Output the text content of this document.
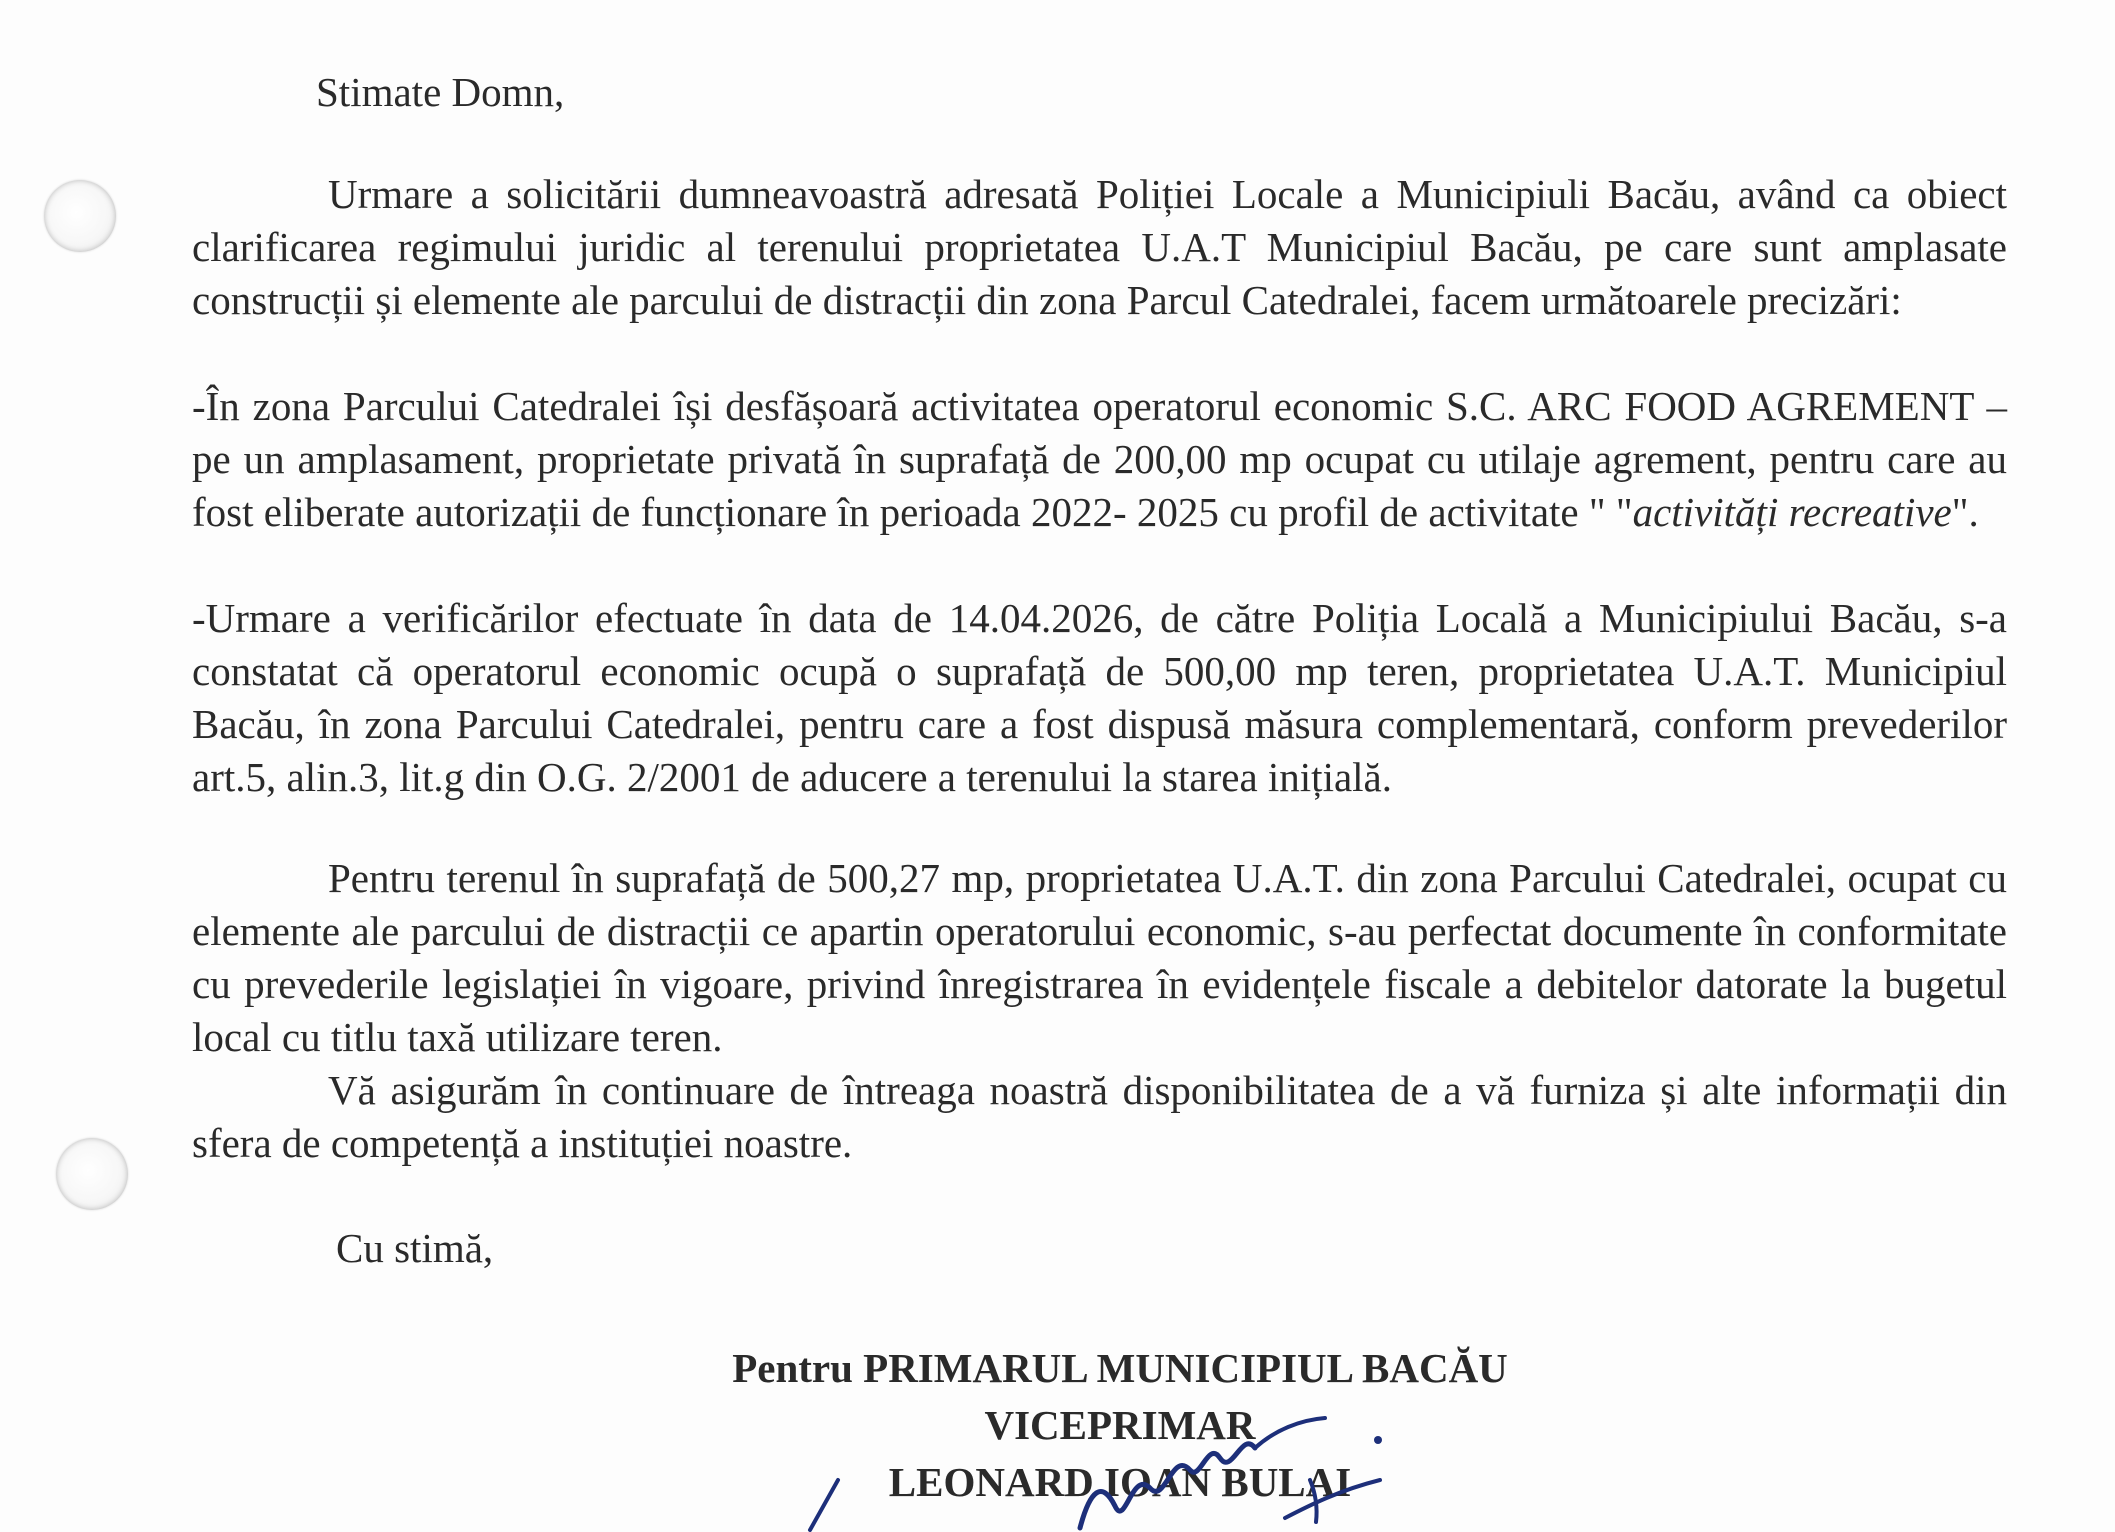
Stimate Domn,

Urmare a solicitării dumneavoastră adresată Poliției Locale a Municipiuli Bacău, având ca obiect clarificarea regimului juridic al terenului proprietatea U.A.T Municipiul Bacău, pe care sunt amplasate construcții și elemente ale parcului de distracții din zona Parcul Catedralei, facem următoarele precizări:

-În zona Parcului Catedralei își desfășoară activitatea operatorul economic S.C. ARC FOOD AGREMENT – pe un amplasament, proprietate privată în suprafață de 200,00 mp ocupat cu utilaje agrement, pentru care au fost eliberate autorizații de funcționare în perioada 2022- 2025 cu profil de activitate " "activități recreative".

-Urmare a verificărilor efectuate în data de 14.04.2026, de către Poliția Locală a Municipiului Bacău, s-a constatat că operatorul economic ocupă o suprafață de 500,00 mp teren, proprietatea U.A.T. Municipiul Bacău, în zona Parcului Catedralei, pentru care a fost dispusă măsura complementară, conform prevederilor art.5, alin.3, lit.g din O.G. 2/2001 de aducere a terenului la starea inițială.

Pentru terenul în suprafață de 500,27 mp, proprietatea U.A.T. din zona Parcului Catedralei, ocupat cu elemente ale parcului de distracții ce apartin operatorului economic, s-au perfectat documente în conformitate cu prevederile legislației în vigoare, privind înregistrarea în evidențele fiscale a debitelor datorate la bugetul local cu titlu taxă utilizare teren.

Vă asigurăm în continuare de întreaga noastră disponibilitatea de a vă furniza și alte informații din sfera de competență a instituției noastre.

Cu stimă,
Pentru PRIMARUL MUNICIPIUL BACĂU
VICEPRIMAR
LEONARD IOAN BULAI
